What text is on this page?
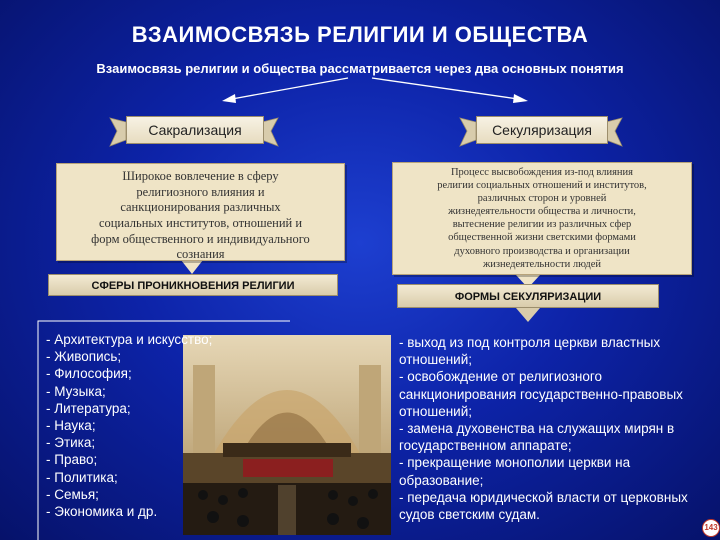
ВЗАИМОСВЯЗЬ РЕЛИГИИ И ОБЩЕСТВА
Взаимосвязь религии и общества рассматривается через два основных понятия
Сакрализация	Секуляризация
Широкое вовлечение в сферу
религиозного влияния и
санкционирования различных
социальных институтов, отношений и
форм общественного и индивидуального
сознания
Процесс высвобождения из-под влияния
религии социальных отношений и институтов,
различных сторон и уровней
жизнедеятельности общества и личности,
вытеснение религии из различных сфер
общественной жизни светскими формами
духовного производства и организации
жизнедеятельности людей
СФЕРЫ ПРОНИКНОВЕНИЯ РЕЛИГИИ
ФОРМЫ СЕКУЛЯРИЗАЦИИ
- Архитектура и искусство;
- Живопись;
- Философия;
- Музыка;
- Литература;
- Наука;
- Этика;
- Право;
- Политика;
- Семья;
- Экономика и др.
- выход из под контроля церкви властных отношений;
- освобождение от религиозного санкционирования государственно-правовых отношений;
- замена духовенства на служащих мирян в государственном аппарате;
- прекращение монополии церкви на образование;
- передача юридической власти от церковных судов светским судам.
143
